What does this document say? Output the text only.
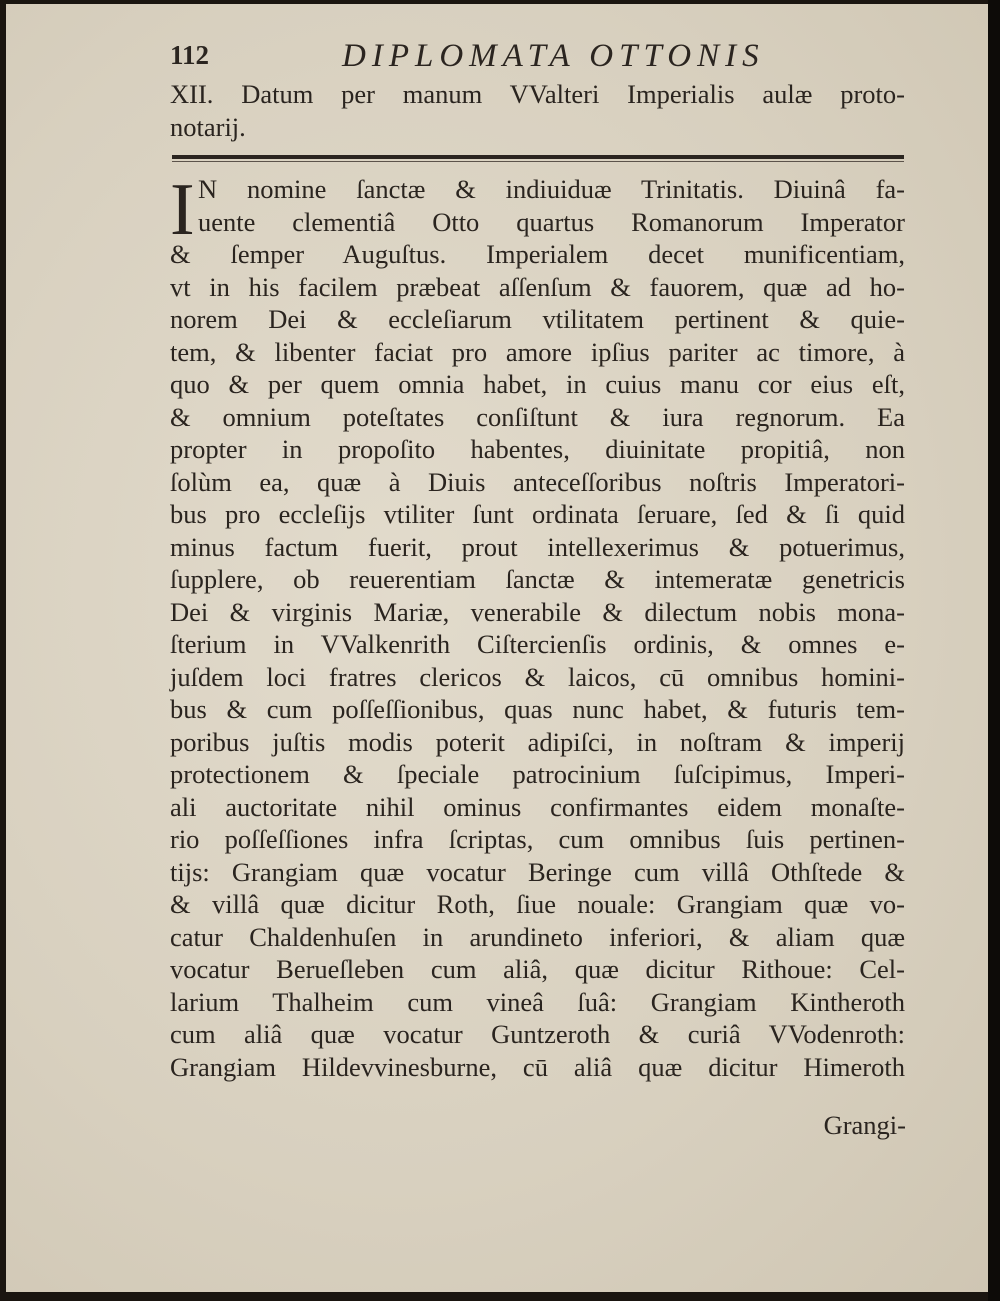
112	DIPLOMATA OTTONIS
XII. Datum per manum VValteri Imperialis aulæ proto-
notarij.
I N nomine ſanctæ & indiuiduæ Trinitatis. Diuinâ fa-
uente clementiâ Otto quartus Romanorum Imperator
& ſemper Auguſtus. Imperialem decet munificentiam,
vt in his facilem præbeat aſſenſum & fauorem, quæ ad ho-
norem Dei & eccleſiarum vtilitatem pertinent & quie-
tem, & libenter faciat pro amore ipſius pariter ac timore, à
quo & per quem omnia habet, in cuius manu cor eius eſt,
& omnium poteſtates conſiſtunt & iura regnorum. Ea
propter in propoſito habentes, diuinitate propitiâ, non
ſolùm ea, quæ à Diuis anteceſſoribus noſtris Imperatori-
bus pro eccleſijs vtiliter ſunt ordinata ſeruare, ſed & ſi quid
minus factum fuerit, prout intellexerimus & potuerimus,
ſupplere, ob reuerentiam ſanctæ & intemeratæ genetricis
Dei & virginis Mariæ, venerabile & dilectum nobis mona-
ſterium in VValkenrith Ciſtercienſis ordinis, & omnes e-
juſdem loci fratres clericos & laicos, cū omnibus homini-
bus & cum poſſeſſionibus, quas nunc habet, & futuris tem-
poribus juſtis modis poterit adipiſci, in noſtram & imperij
protectionem & ſpeciale patrocinium ſuſcipimus, Imperi-
ali auctoritate nihil ominus confirmantes eidem monaſte-
rio poſſeſſiones infra ſcriptas, cum omnibus ſuis pertinen-
tijs: Grangiam quæ vocatur Beringe cum villâ Othſtede &
& villâ quæ dicitur Roth, ſiue nouale: Grangiam quæ vo-
catur Chaldenhuſen in arundineto inferiori, & aliam quæ
vocatur Berueſleben cum aliâ, quæ dicitur Rithoue: Cel-
larium Thalheim cum vineâ ſuâ: Grangiam Kintheroth
cum aliâ quæ vocatur Guntzeroth & curiâ VVodenroth:
Grangiam Hildevvinesburne, cū aliâ quæ dicitur Himeroth
Grangi-
